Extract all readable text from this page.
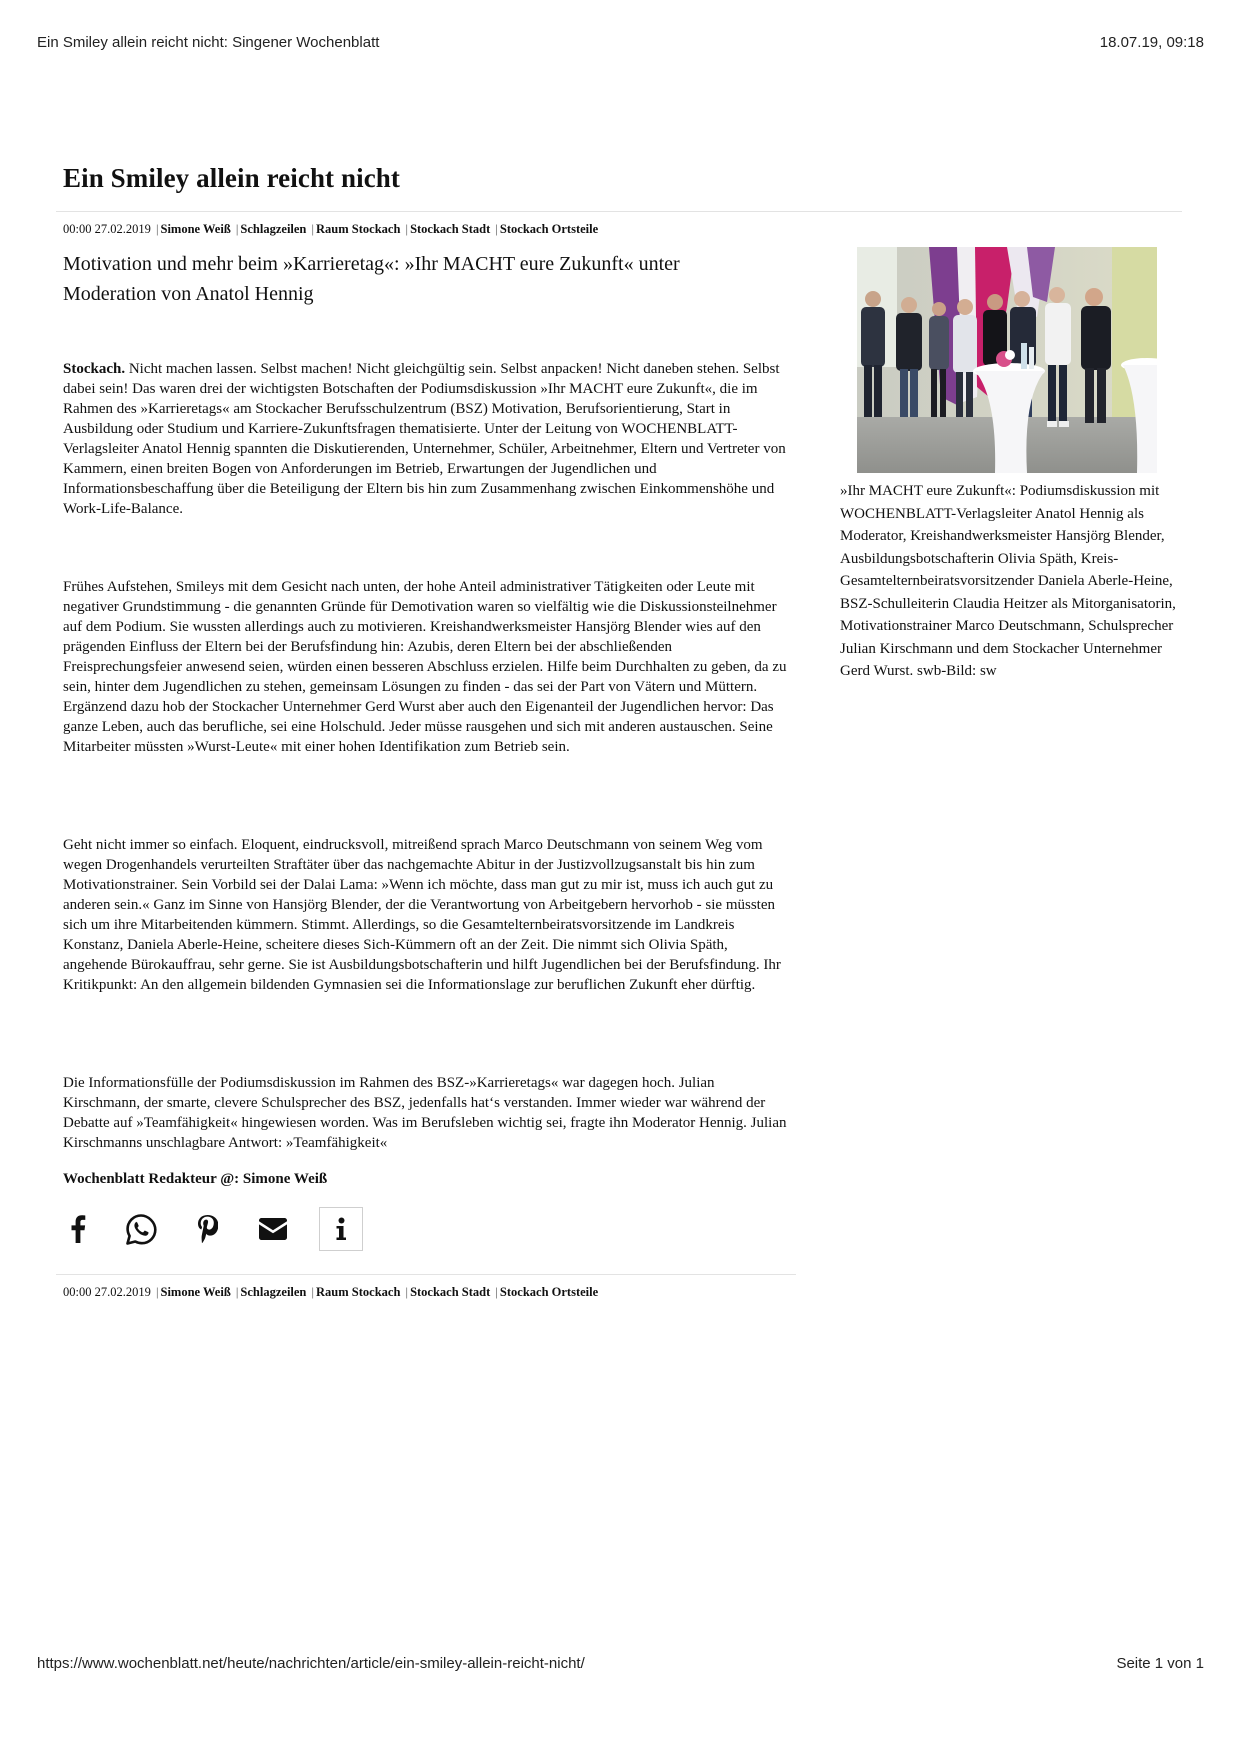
Ein Smiley allein reicht nicht: Singener Wochenblatt	18.07.19, 09:18
Ein Smiley allein reicht nicht
00:00 27.02.2019 | Simone Weiß | Schlagzeilen | Raum Stockach | Stockach Stadt | Stockach Ortsteile
Motivation und mehr beim »Karrieretag«: »Ihr MACHT eure Zukunft« unter Moderation von Anatol Hennig

Stockach. Nicht machen lassen. Selbst machen! Nicht gleichgültig sein. Selbst anpacken! Nicht daneben stehen. Selbst dabei sein! Das waren drei der wichtigsten Botschaften der Podiumsdiskussion »Ihr MACHT eure Zukunft«, die im Rahmen des »Karrieretags« am Stockacher Berufsschulzentrum (BSZ) Motivation, Berufsorientierung, Start in Ausbildung oder Studium und Karriere-Zukunftsfragen thematisierte. Unter der Leitung von WOCHENBLATT-Verlagsleiter Anatol Hennig spannten die Diskutierenden, Unternehmer, Schüler, Arbeitnehmer, Eltern und Vertreter von Kammern, einen breiten Bogen von Anforderungen im Betrieb, Erwartungen der Jugendlichen und Informationsbeschaffung über die Beteiligung der Eltern bis hin zum Zusammenhang zwischen Einkommenshöhe und Work-Life-Balance.

Frühes Aufstehen, Smileys mit dem Gesicht nach unten, der hohe Anteil administrativer Tätigkeiten oder Leute mit negativer Grundstimmung - die genannten Gründe für Demotivation waren so vielfältig wie die Diskussionsteilnehmer auf dem Podium. Sie wussten allerdings auch zu motivieren. Kreishandwerksmeister Hansjörg Blender wies auf den prägenden Einfluss der Eltern bei der Berufsfindung hin: Azubis, deren Eltern bei der abschließenden Freisprechungsfeier anwesend seien, würden einen besseren Abschluss erzielen. Hilfe beim Durchhalten zu geben, da zu sein, hinter dem Jugendlichen zu stehen, gemeinsam Lösungen zu finden - das sei der Part von Vätern und Müttern. Ergänzend dazu hob der Stockacher Unternehmer Gerd Wurst aber auch den Eigenanteil der Jugendlichen hervor: Das ganze Leben, auch das berufliche, sei eine Holschuld. Jeder müsse rausgehen und sich mit anderen austauschen. Seine Mitarbeiter müssten »Wurst-Leute« mit einer hohen Identifikation zum Betrieb sein.

Geht nicht immer so einfach. Eloquent, eindrucksvoll, mitreißend sprach Marco Deutschmann von seinem Weg vom wegen Drogenhandels verurteilten Straftäter über das nachgemachte Abitur in der Justizvollzugsanstalt bis hin zum Motivationstrainer. Sein Vorbild sei der Dalai Lama: »Wenn ich möchte, dass man gut zu mir ist, muss ich auch gut zu anderen sein.« Ganz im Sinne von Hansjörg Blender, der die Verantwortung von Arbeitgebern hervorhob - sie müssten sich um ihre Mitarbeitenden kümmern. Stimmt. Allerdings, so die Gesamtelternbeiratsvorsitzende im Landkreis Konstanz, Daniela Aberle-Heine, scheitere dieses Sich-Kümmern oft an der Zeit. Die nimmt sich Olivia Späth, angehende Bürokauffrau, sehr gerne. Sie ist Ausbildungsbotschafterin und hilft Jugendlichen bei der Berufsfindung. Ihr Kritikpunkt: An den allgemein bildenden Gymnasien sei die Informationslage zur beruflichen Zukunft eher dürftig.

Die Informationsfülle der Podiumsdiskussion im Rahmen des BSZ-»Karrieretags« war dagegen hoch. Julian Kirschmann, der smarte, clevere Schulsprecher des BSZ, jedenfalls hat‘s verstanden. Immer wieder war während der Debatte auf »Teamfähigkeit« hingewiesen worden. Was im Berufsleben wichtig sei, fragte ihn Moderator Hennig. Julian Kirschmanns unschlagbare Antwort: »Teamfähigkeit«

Wochenblatt Redakteur @: Simone Weiß
00:00 27.02.2019 | Simone Weiß | Schlagzeilen | Raum Stockach | Stockach Stadt | Stockach Ortsteile

»Ihr MACHT eure Zukunft«: Podiumsdiskussion mit WOCHENBLATT-Verlagsleiter Anatol Hennig als Moderator, Kreishandwerksmeister Hansjörg Blender, Ausbildungsbotschafterin Olivia Späth, Kreis-Gesamtelternbeiratsvorsitzender Daniela Aberle-Heine, BSZ-Schulleiterin Claudia Heitzer als Mitorganisatorin, Motivationstrainer Marco Deutschmann, Schulsprecher Julian Kirschmann und dem Stockacher Unternehmer Gerd Wurst. swb-Bild: sw

https://www.wochenblatt.net/heute/nachrichten/article/ein-smiley-allein-reicht-nicht/	Seite 1 von 1
